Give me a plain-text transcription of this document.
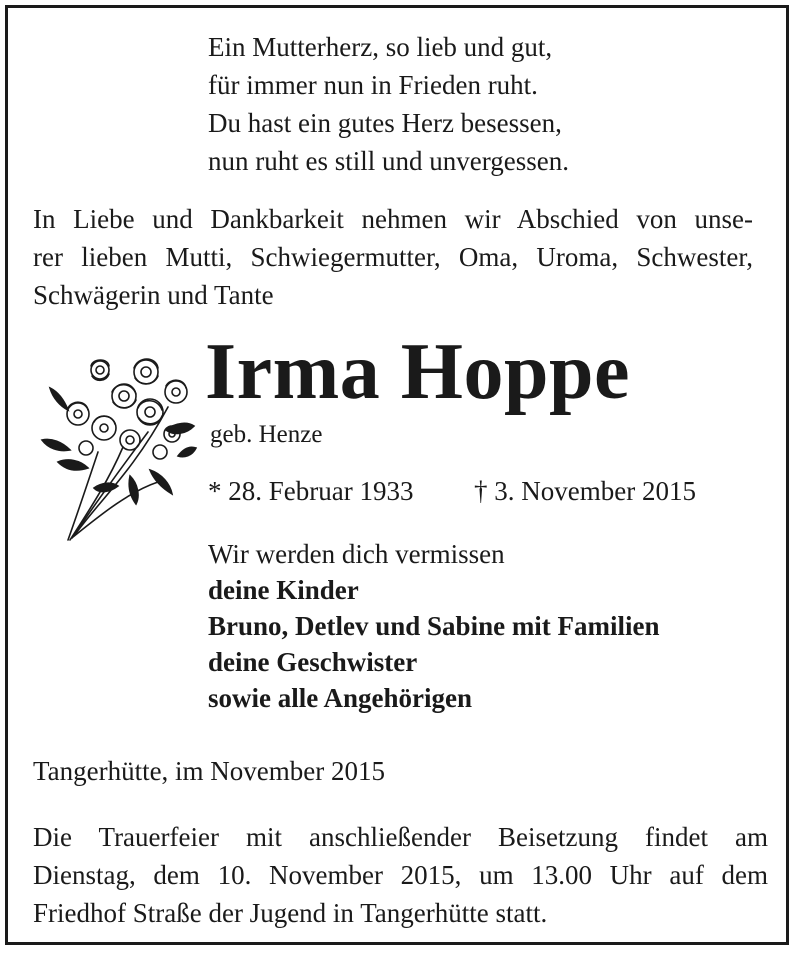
Ein Mutterherz, so lieb und gut,
für immer nun in Frieden ruht.
Du hast ein gutes Herz besessen,
nun ruht es still und unvergessen.
In Liebe und Dankbarkeit nehmen wir Abschied von unse-
rer lieben Mutti, Schwiegermutter, Oma, Uroma, Schwester,
Schwägerin und Tante
Irma Hoppe
geb. Henze
* 28. Februar 1933 † 3. November 2015
Wir werden dich vermissen
deine Kinder
Bruno, Detlev und Sabine mit Familien
deine Geschwister
sowie alle Angehörigen
Tangerhütte, im November 2015
Die Trauerfeier mit anschließender Beisetzung findet am
Dienstag, dem 10. November 2015, um 13.00 Uhr auf dem
Friedhof Straße der Jugend in Tangerhütte statt.
